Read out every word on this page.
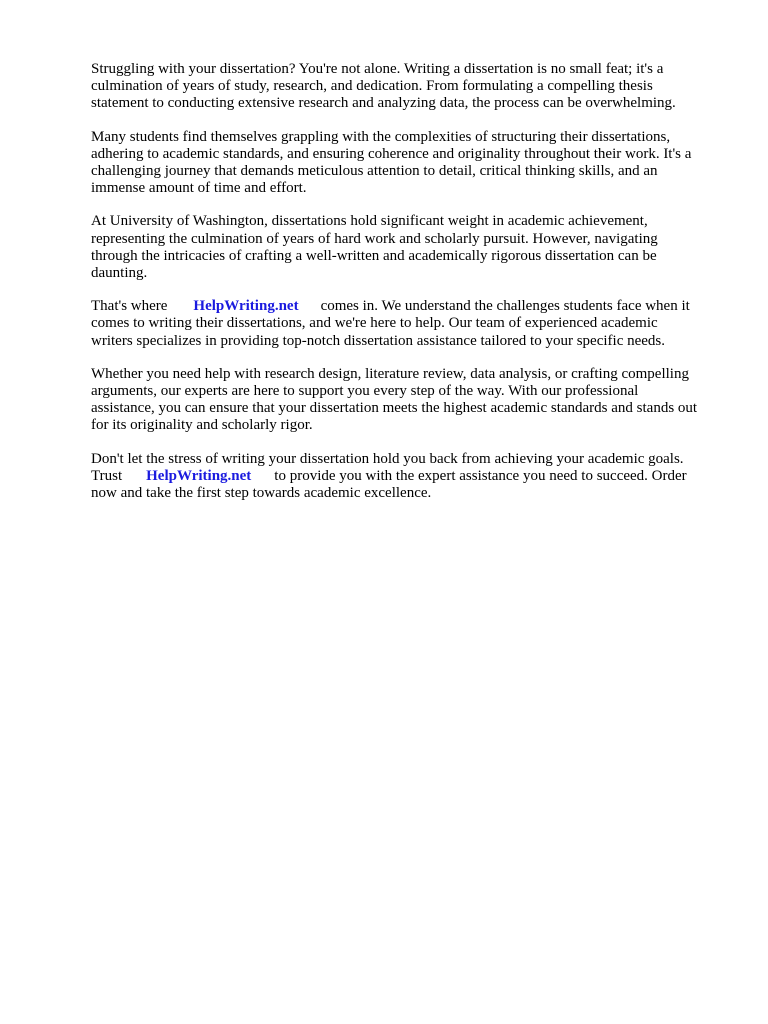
Struggling with your dissertation? You're not alone. Writing a dissertation is no small feat; it's a
culmination of years of study, research, and dedication. From formulating a compelling thesis
statement to conducting extensive research and analyzing data, the process can be overwhelming.

Many students find themselves grappling with the complexities of structuring their dissertations,
adhering to academic standards, and ensuring coherence and originality throughout their work. It's a
challenging journey that demands meticulous attention to detail, critical thinking skills, and an
immense amount of time and effort.

At University of Washington, dissertations hold significant weight in academic achievement,
representing the culmination of years of hard work and scholarly pursuit. However, navigating
through the intricacies of crafting a well-written and academically rigorous dissertation can be
daunting.

That's where HelpWriting.net comes in. We understand the challenges students face when it
comes to writing their dissertations, and we're here to help. Our team of experienced academic
writers specializes in providing top-notch dissertation assistance tailored to your specific needs.

Whether you need help with research design, literature review, data analysis, or crafting compelling
arguments, our experts are here to support you every step of the way. With our professional
assistance, you can ensure that your dissertation meets the highest academic standards and stands out
for its originality and scholarly rigor.

Don't let the stress of writing your dissertation hold you back from achieving your academic goals.
Trust HelpWriting.net to provide you with the expert assistance you need to succeed. Order
now and take the first step towards academic excellence.
